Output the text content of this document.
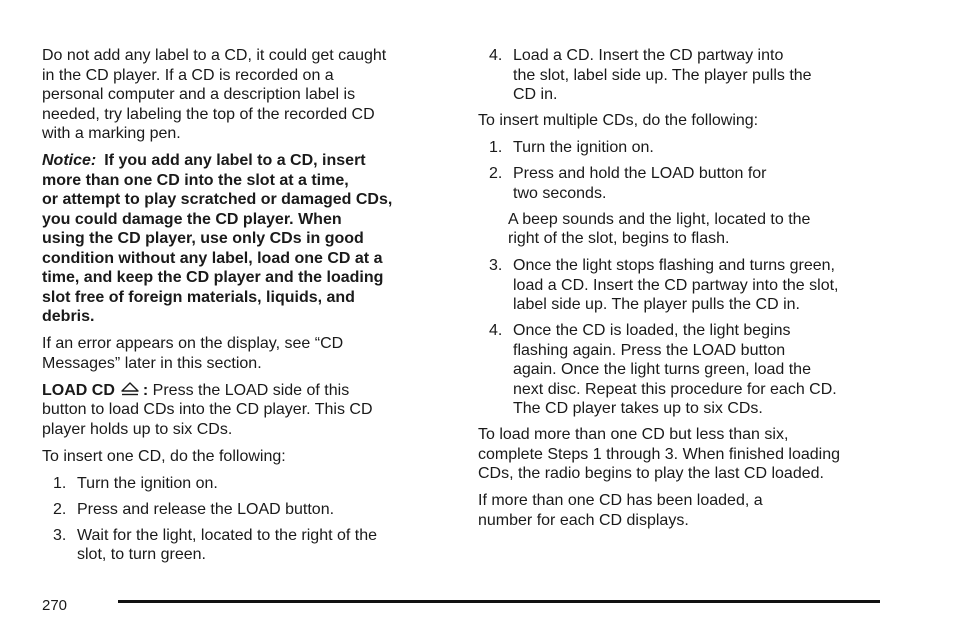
Do not add any label to a CD, it could get caught
in the CD player. If a CD is recorded on a
personal computer and a description label is
needed, try labeling the top of the recorded CD
with a marking pen.

Notice: If you add any label to a CD, insert
more than one CD into the slot at a time,
or attempt to play scratched or damaged CDs,
you could damage the CD player. When
using the CD player, use only CDs in good
condition without any label, load one CD at a
time, and keep the CD player and the loading
slot free of foreign materials, liquids, and
debris.

If an error appears on the display, see “CD
Messages” later in this section.

LOAD CD : Press the LOAD side of this
button to load CDs into the CD player. This CD
player holds up to six CDs.

To insert one CD, do the following:

1. Turn the ignition on.
2. Press and release the LOAD button.
3. Wait for the light, located to the right of the
slot, to turn green.
4. Load a CD. Insert the CD partway into
the slot, label side up. The player pulls the
CD in.

To insert multiple CDs, do the following:

1. Turn the ignition on.
2. Press and hold the LOAD button for
two seconds.

A beep sounds and the light, located to the
right of the slot, begins to flash.

3. Once the light stops flashing and turns green,
load a CD. Insert the CD partway into the slot,
label side up. The player pulls the CD in.
4. Once the CD is loaded, the light begins
flashing again. Press the LOAD button
again. Once the light turns green, load the
next disc. Repeat this procedure for each CD.
The CD player takes up to six CDs.

To load more than one CD but less than six,
complete Steps 1 through 3. When finished loading
CDs, the radio begins to play the last CD loaded.

If more than one CD has been loaded, a
number for each CD displays.

270
